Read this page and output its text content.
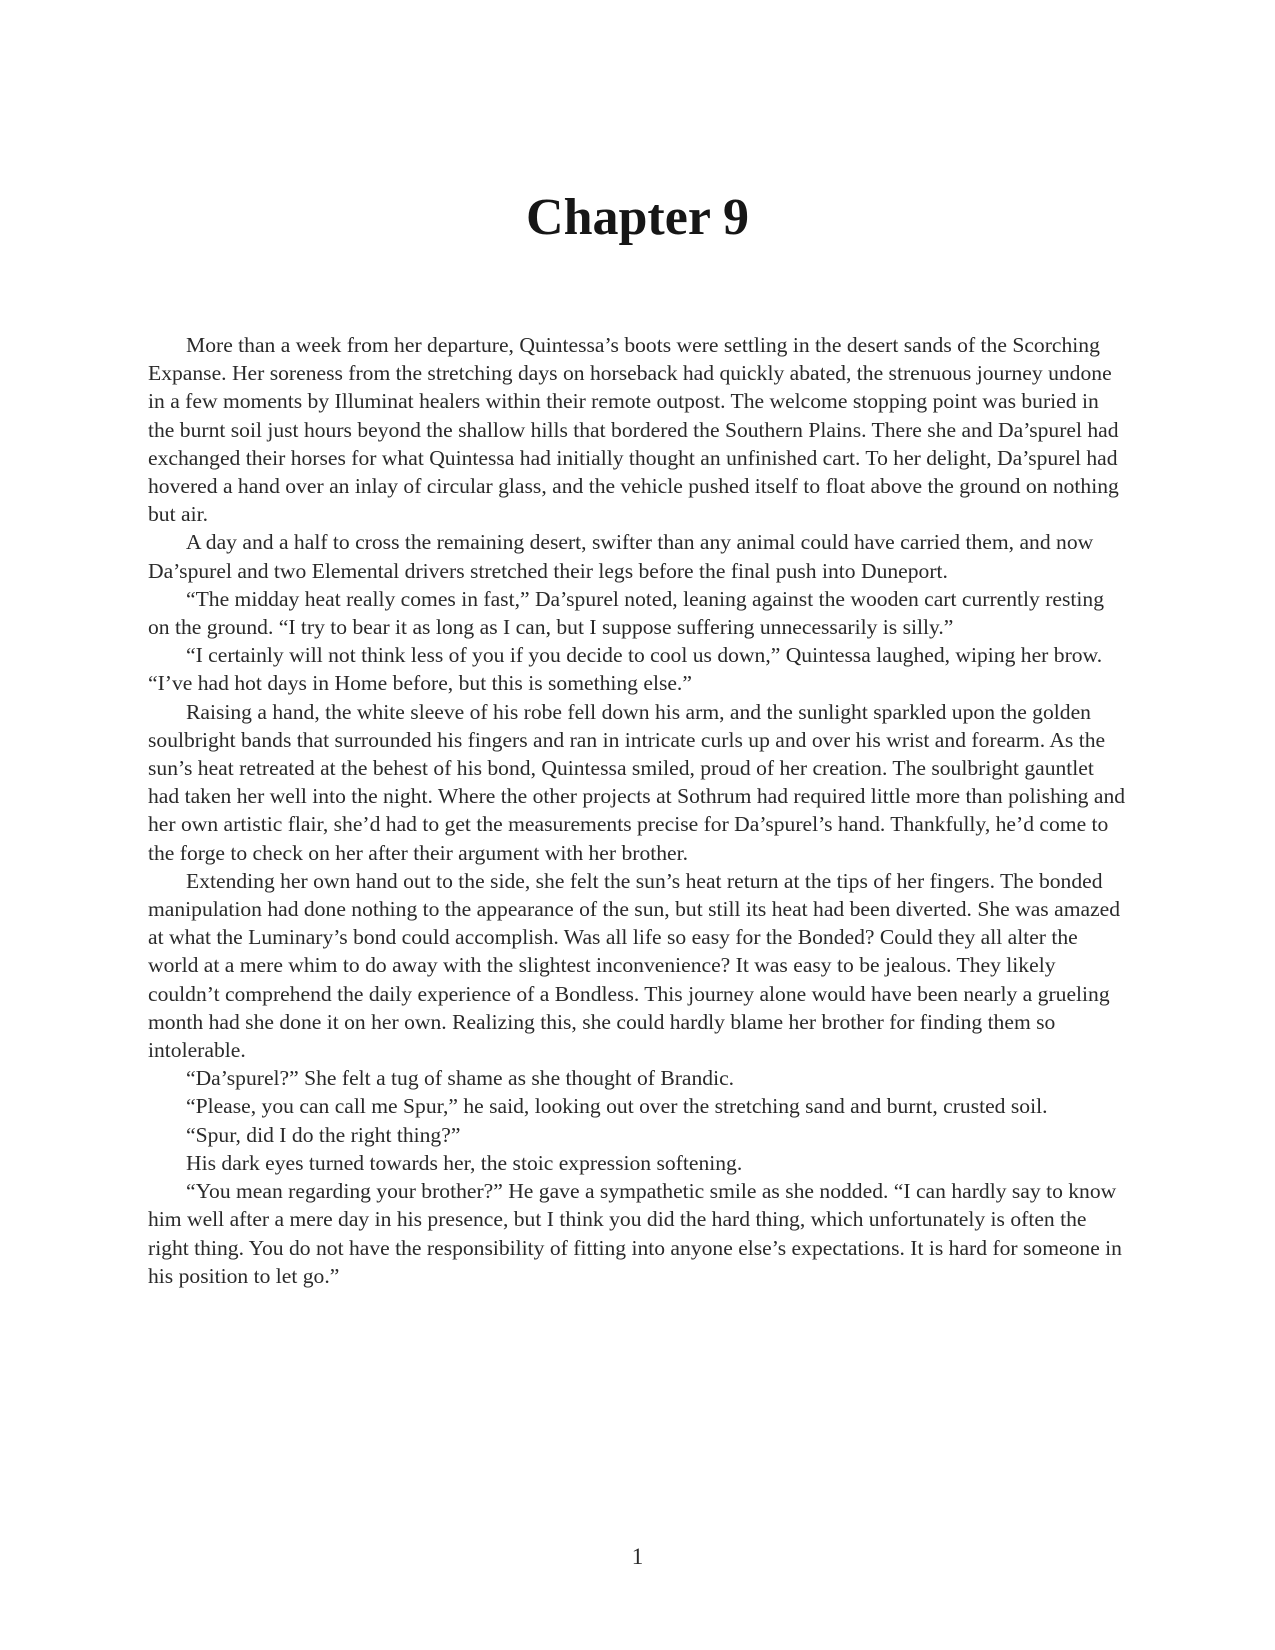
Chapter 9

More than a week from her departure, Quintessa’s boots were settling in the desert sands of the Scorching Expanse. Her soreness from the stretching days on horseback had quickly abated, the strenuous journey undone in a few moments by Illuminat healers within their remote outpost. The welcome stopping point was buried in the burnt soil just hours beyond the shallow hills that bordered the Southern Plains. There she and Da’spurel had exchanged their horses for what Quintessa had initially thought an unfinished cart. To her delight, Da’spurel had hovered a hand over an inlay of circular glass, and the vehicle pushed itself to float above the ground on nothing but air.

A day and a half to cross the remaining desert, swifter than any animal could have carried them, and now Da’spurel and two Elemental drivers stretched their legs before the final push into Duneport.

“The midday heat really comes in fast,” Da’spurel noted, leaning against the wooden cart currently resting on the ground. “I try to bear it as long as I can, but I suppose suffering unnecessarily is silly.”

“I certainly will not think less of you if you decide to cool us down,” Quintessa laughed, wiping her brow. “I’ve had hot days in Home before, but this is something else.”

Raising a hand, the white sleeve of his robe fell down his arm, and the sunlight sparkled upon the golden soulbright bands that surrounded his fingers and ran in intricate curls up and over his wrist and forearm. As the sun’s heat retreated at the behest of his bond, Quintessa smiled, proud of her creation. The soulbright gauntlet had taken her well into the night. Where the other projects at Sothrum had required little more than polishing and her own artistic flair, she’d had to get the measurements precise for Da’spurel’s hand. Thankfully, he’d come to the forge to check on her after their argument with her brother.

Extending her own hand out to the side, she felt the sun’s heat return at the tips of her fingers. The bonded manipulation had done nothing to the appearance of the sun, but still its heat had been diverted. She was amazed at what the Luminary’s bond could accomplish. Was all life so easy for the Bonded? Could they all alter the world at a mere whim to do away with the slightest inconvenience? It was easy to be jealous. They likely couldn’t comprehend the daily experience of a Bondless. This journey alone would have been nearly a grueling month had she done it on her own. Realizing this, she could hardly blame her brother for finding them so intolerable.

“Da’spurel?” She felt a tug of shame as she thought of Brandic.

“Please, you can call me Spur,” he said, looking out over the stretching sand and burnt, crusted soil.

“Spur, did I do the right thing?”

His dark eyes turned towards her, the stoic expression softening.

“You mean regarding your brother?” He gave a sympathetic smile as she nodded. “I can hardly say to know him well after a mere day in his presence, but I think you did the hard thing, which unfortunately is often the right thing. You do not have the responsibility of fitting into anyone else’s expectations. It is hard for someone in his position to let go.”

1
